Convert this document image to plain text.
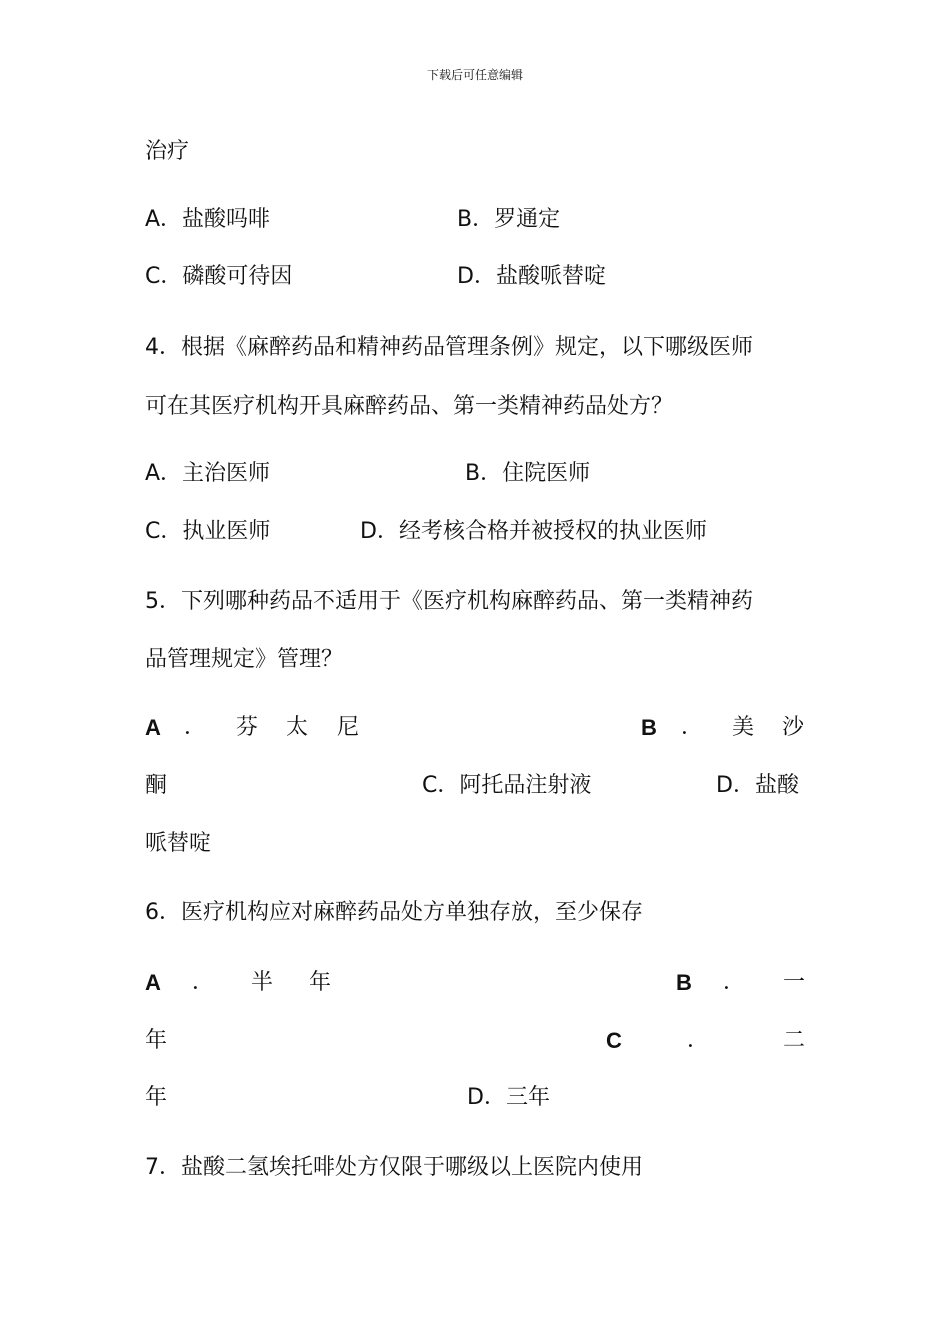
下载后可任意编辑
治疗
A．盐酸吗啡	B．罗通定
C．磷酸可待因	D．盐酸哌替啶
4．根据《麻醉药品和精神药品管理条例》规定，以下哪级医师
可在其医疗机构开具麻醉药品、第一类精神药品处方？
A．主治医师	B．住院医师
C．执业医师	D．经考核合格并被授权的执业医师
5．下列哪种药品不适用于《医疗机构麻醉药品、第一类精神药
品管理规定》管理？
A ． 芬 太 尼	B ． 美 沙
酮	C．阿托品注射液	D．盐酸
哌替啶
6．医疗机构应对麻醉药品处方单独存放，至少保存
A ． 半 年	B ． 一
年	C	．	二
年	D．三年
7．盐酸二氢埃托啡处方仅限于哪级以上医院内使用
